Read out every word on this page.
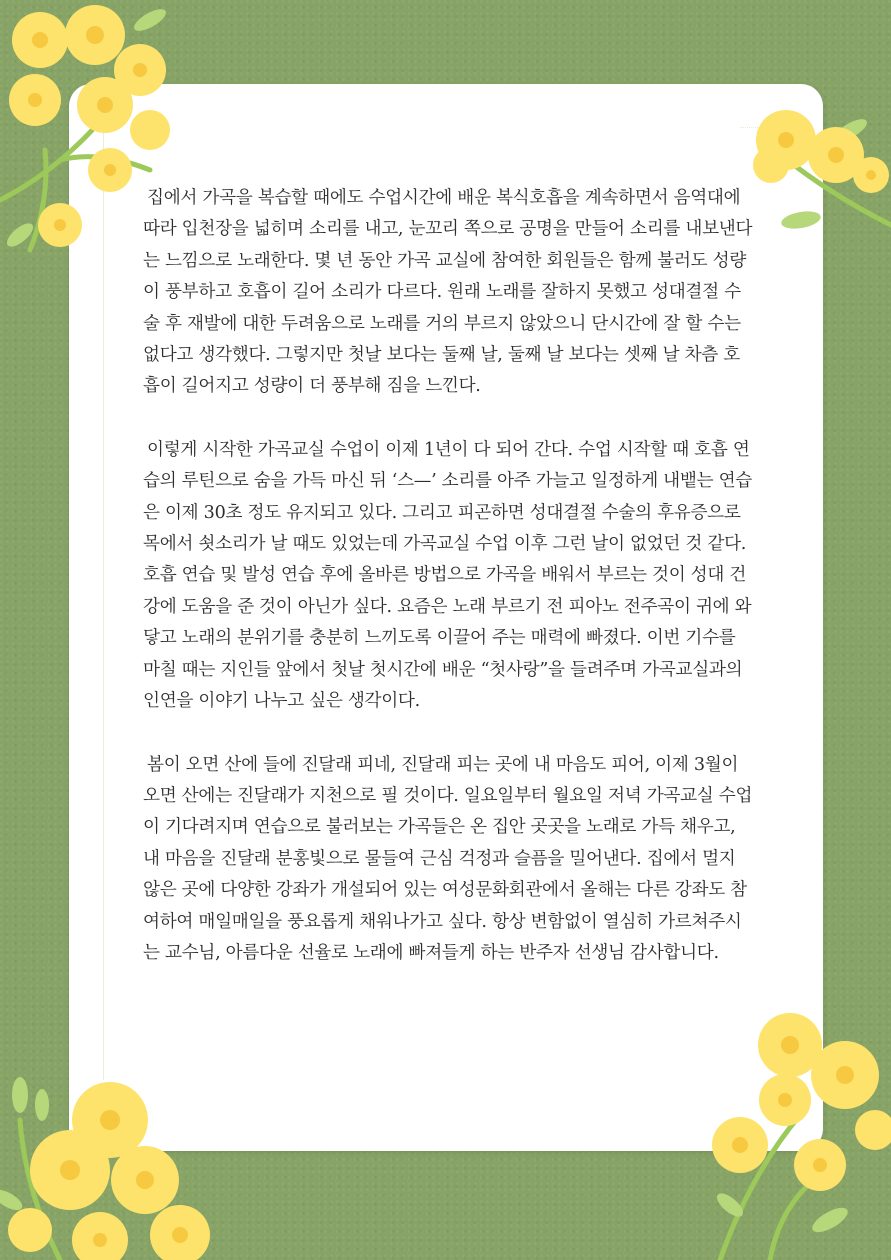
집에서 가곡을 복습할 때에도 수업시간에 배운 복식호흡을 계속하면서 음역대에 따라 입천장을 넓히며 소리를 내고, 눈꼬리 쪽으로 공명을 만들어 소리를 내보낸다는 느낌으로 노래한다. 몇 년 동안 가곡 교실에 참여한 회원들은 함께 불러도 성량이 풍부하고 호흡이 길어 소리가 다르다. 원래 노래를 잘하지 못했고 성대결절 수술 후 재발에 대한 두려움으로 노래를 거의 부르지 않았으니 단시간에 잘 할 수는 없다고 생각했다. 그렇지만 첫날 보다는 둘째 날, 둘째 날 보다는 셋째 날 차츰 호흡이 길어지고 성량이 더 풍부해 짐을 느낀다.

이렇게 시작한 가곡교실 수업이 이제 1년이 다 되어 간다. 수업 시작할 때 호흡 연습의 루틴으로 숨을 가득 마신 뒤 ‘스—’ 소리를 아주 가늘고 일정하게 내뱉는 연습은 이제 30초 정도 유지되고 있다. 그리고 피곤하면 성대결절 수술의 후유증으로 목에서 쇳소리가 날 때도 있었는데 가곡교실 수업 이후 그런 날이 없었던 것 같다. 호흡 연습 및 발성 연습 후에 올바른 방법으로 가곡을 배워서 부르는 것이 성대 건강에 도움을 준 것이 아닌가 싶다. 요즘은 노래 부르기 전 피아노 전주곡이 귀에 와 닿고 노래의 분위기를 충분히 느끼도록 이끌어 주는 매력에 빠졌다. 이번 기수를 마칠 때는 지인들 앞에서 첫날 첫시간에 배운 “첫사랑”을 들려주며 가곡교실과의 인연을 이야기 나누고 싶은 생각이다.

봄이 오면 산에 들에 진달래 피네, 진달래 피는 곳에 내 마음도 피어, 이제 3월이 오면 산에는 진달래가 지천으로 필 것이다. 일요일부터 월요일 저녁 가곡교실 수업이 기다려지며 연습으로 불러보는 가곡들은 온 집안 곳곳을 노래로 가득 채우고, 내 마음을 진달래 분홍빛으로 물들여 근심 걱정과 슬픔을 밀어낸다. 집에서 멀지 않은 곳에 다양한 강좌가 개설되어 있는 여성문화회관에서 올해는 다른 강좌도 참여하여 매일매일을 풍요롭게 채워나가고 싶다. 항상 변함없이 열심히 가르쳐주시는 교수님, 아름다운 선율로 노래에 빠져들게 하는 반주자 선생님 감사합니다.
